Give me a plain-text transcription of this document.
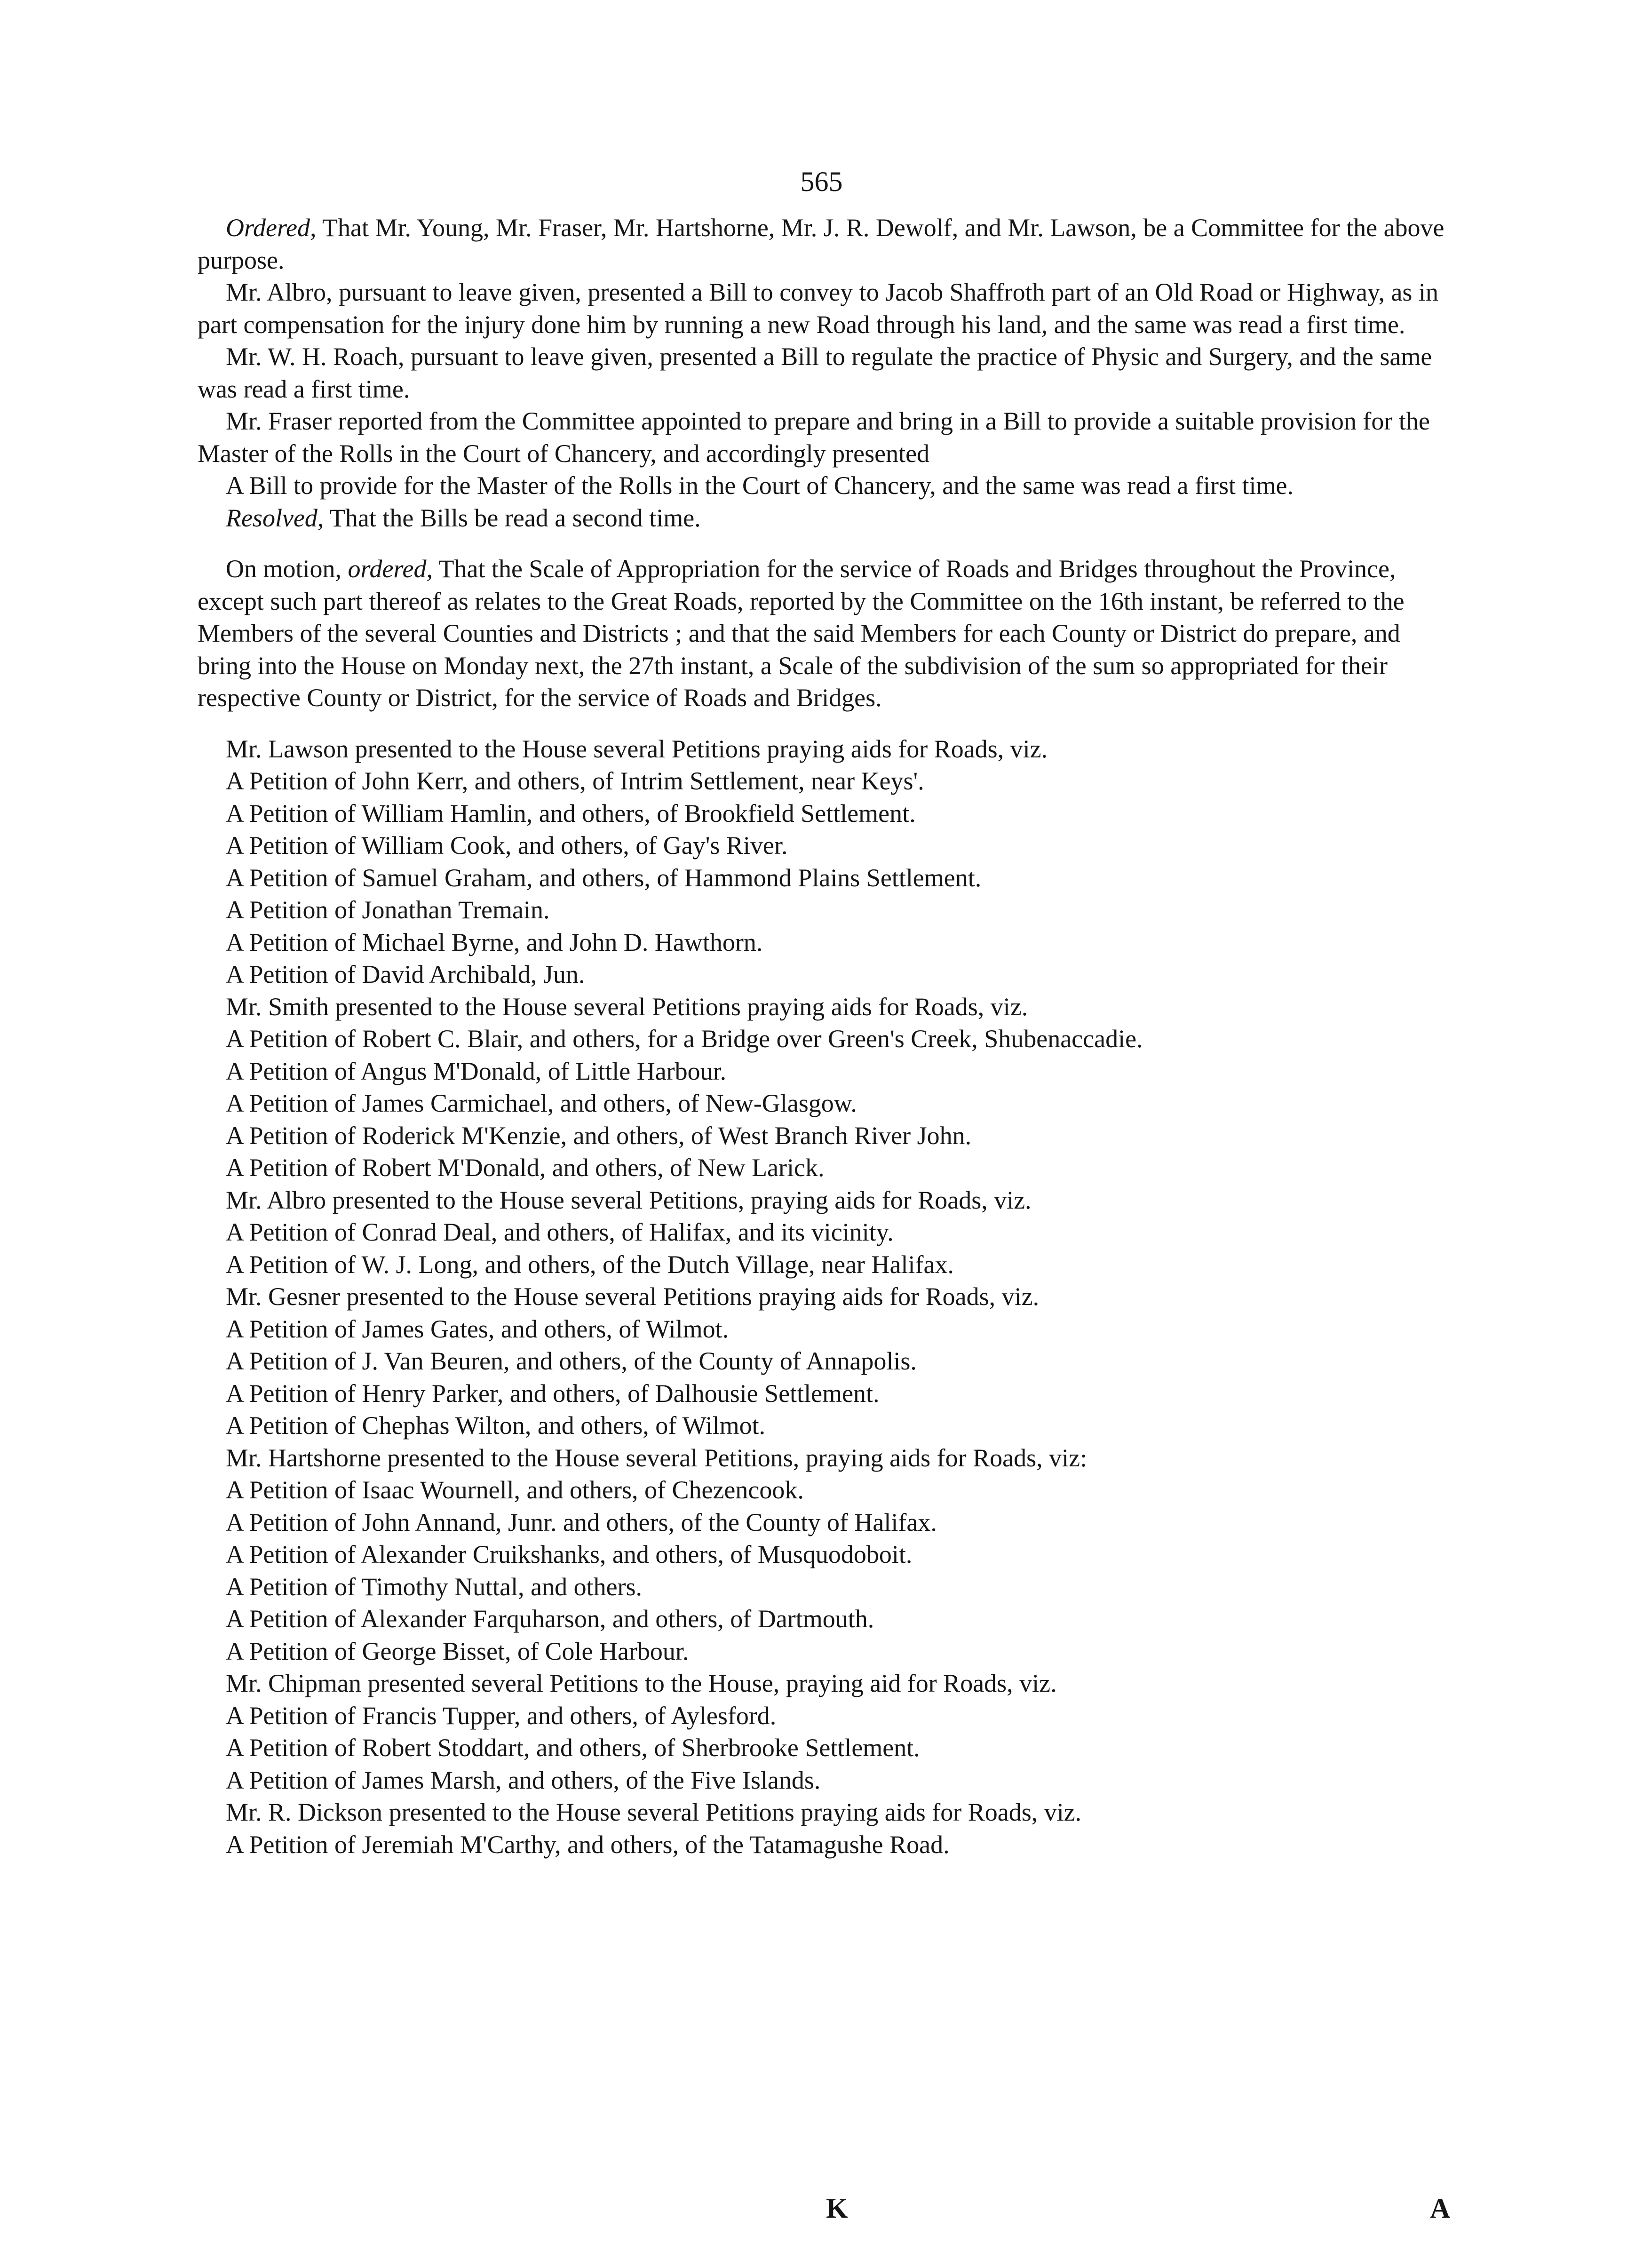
565

Ordered, That Mr. Young, Mr. Fraser, Mr. Hartshorne, Mr. J. R. Dewolf, and Mr. Lawson, be a Committee for the above purpose.

Mr. Albro, pursuant to leave given, presented a Bill to convey to Jacob Shaffroth part of an Old Road or Highway, as in part compensation for the injury done him by running a new Road through his land, and the same was read a first time.

Mr. W. H. Roach, pursuant to leave given, presented a Bill to regulate the practice of Physic and Surgery, and the same was read a first time.

Mr. Fraser reported from the Committee appointed to prepare and bring in a Bill to provide a suitable provision for the Master of the Rolls in the Court of Chancery, and accordingly presented

A Bill to provide for the Master of the Rolls in the Court of Chancery, and the same was read a first time.

Resolved, That the Bills be read a second time.

On motion, ordered, That the Scale of Appropriation for the service of Roads and Bridges throughout the Province, except such part thereof as relates to the Great Roads, reported by the Committee on the 16th instant, be referred to the Members of the several Counties and Districts ; and that the said Members for each County or District do prepare, and bring into the House on Monday next, the 27th instant, a Scale of the subdivision of the sum so appropriated for their respective County or District, for the service of Roads and Bridges.

Mr. Lawson presented to the House several Petitions praying aids for Roads, viz.

A Petition of John Kerr, and others, of Intrim Settlement, near Keys'.

A Petition of William Hamlin, and others, of Brookfield Settlement.

A Petition of William Cook, and others, of Gay's River.

A Petition of Samuel Graham, and others, of Hammond Plains Settlement.

A Petition of Jonathan Tremain.

A Petition of Michael Byrne, and John D. Hawthorn.

A Petition of David Archibald, Jun.

Mr. Smith presented to the House several Petitions praying aids for Roads, viz.

A Petition of Robert C. Blair, and others, for a Bridge over Green's Creek, Shubenaccadie.

A Petition of Angus M'Donald, of Little Harbour.

A Petition of James Carmichael, and others, of New-Glasgow.

A Petition of Roderick M'Kenzie, and others, of West Branch River John.

A Petition of Robert M'Donald, and others, of New Larick.

Mr. Albro presented to the House several Petitions, praying aids for Roads, viz.

A Petition of Conrad Deal, and others, of Halifax, and its vicinity.

A Petition of W. J. Long, and others, of the Dutch Village, near Halifax.

Mr. Gesner presented to the House several Petitions praying aids for Roads, viz.

A Petition of James Gates, and others, of Wilmot.

A Petition of J. Van Beuren, and others, of the County of Annapolis.

A Petition of Henry Parker, and others, of Dalhousie Settlement.

A Petition of Chephas Wilton, and others, of Wilmot.

Mr. Hartshorne presented to the House several Petitions, praying aids for Roads, viz:

A Petition of Isaac Wournell, and others, of Chezencook.

A Petition of John Annand, Junr. and others, of the County of Halifax.

A Petition of Alexander Cruikshanks, and others, of Musquodoboit.

A Petition of Timothy Nuttal, and others.

A Petition of Alexander Farquharson, and others, of Dartmouth.

A Petition of George Bisset, of Cole Harbour.

Mr. Chipman presented several Petitions to the House, praying aid for Roads, viz.

A Petition of Francis Tupper, and others, of Aylesford.

A Petition of Robert Stoddart, and others, of Sherbrooke Settlement.

A Petition of James Marsh, and others, of the Five Islands.

Mr. R. Dickson presented to the House several Petitions praying aids for Roads, viz.

A Petition of Jeremiah M'Carthy, and others, of the Tatamagushe Road.

K	A
